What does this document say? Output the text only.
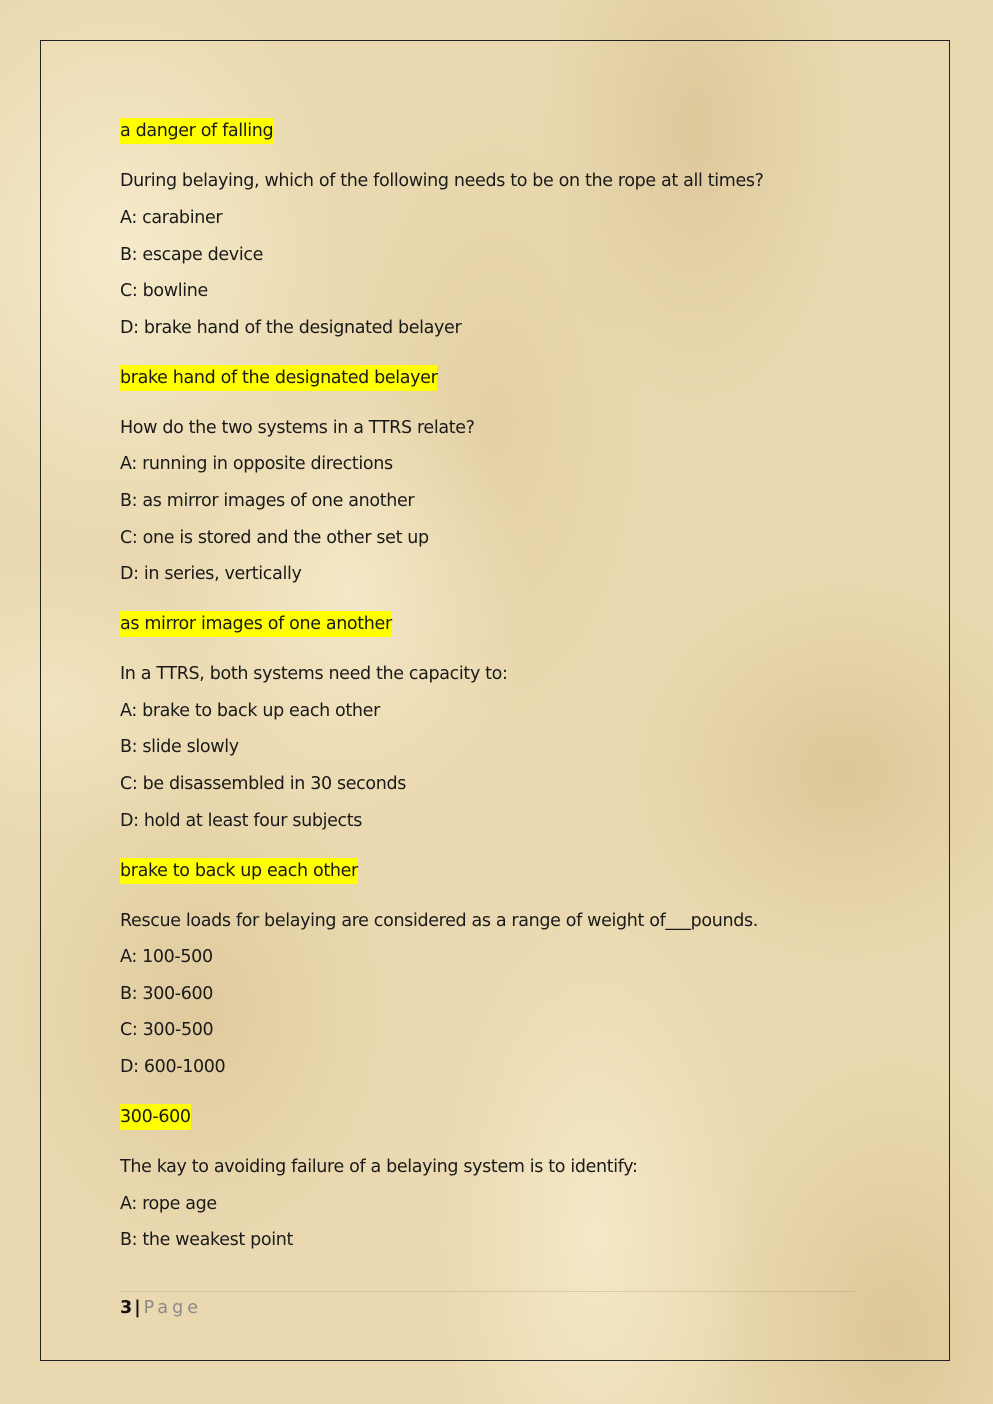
a danger of falling
During belaying, which of the following needs to be on the rope at all times?
A: carabiner
B: escape device
C: bowline
D: brake hand of the designated belayer
brake hand of the designated belayer
How do the two systems in a TTRS relate?
A: running in opposite directions
B: as mirror images of one another
C: one is stored and the other set up
D: in series, vertically
as mirror images of one another
In a TTRS, both systems need the capacity to:
A: brake to back up each other
B: slide slowly
C: be disassembled in 30 seconds
D: hold at least four subjects
brake to back up each other
Rescue loads for belaying are considered as a range of weight of___pounds.
A: 100-500
B: 300-600
C: 300-500
D: 600-1000
300-600
The kay to avoiding failure of a belaying system is to identify:
A: rope age
B: the weakest point
3 | Page
